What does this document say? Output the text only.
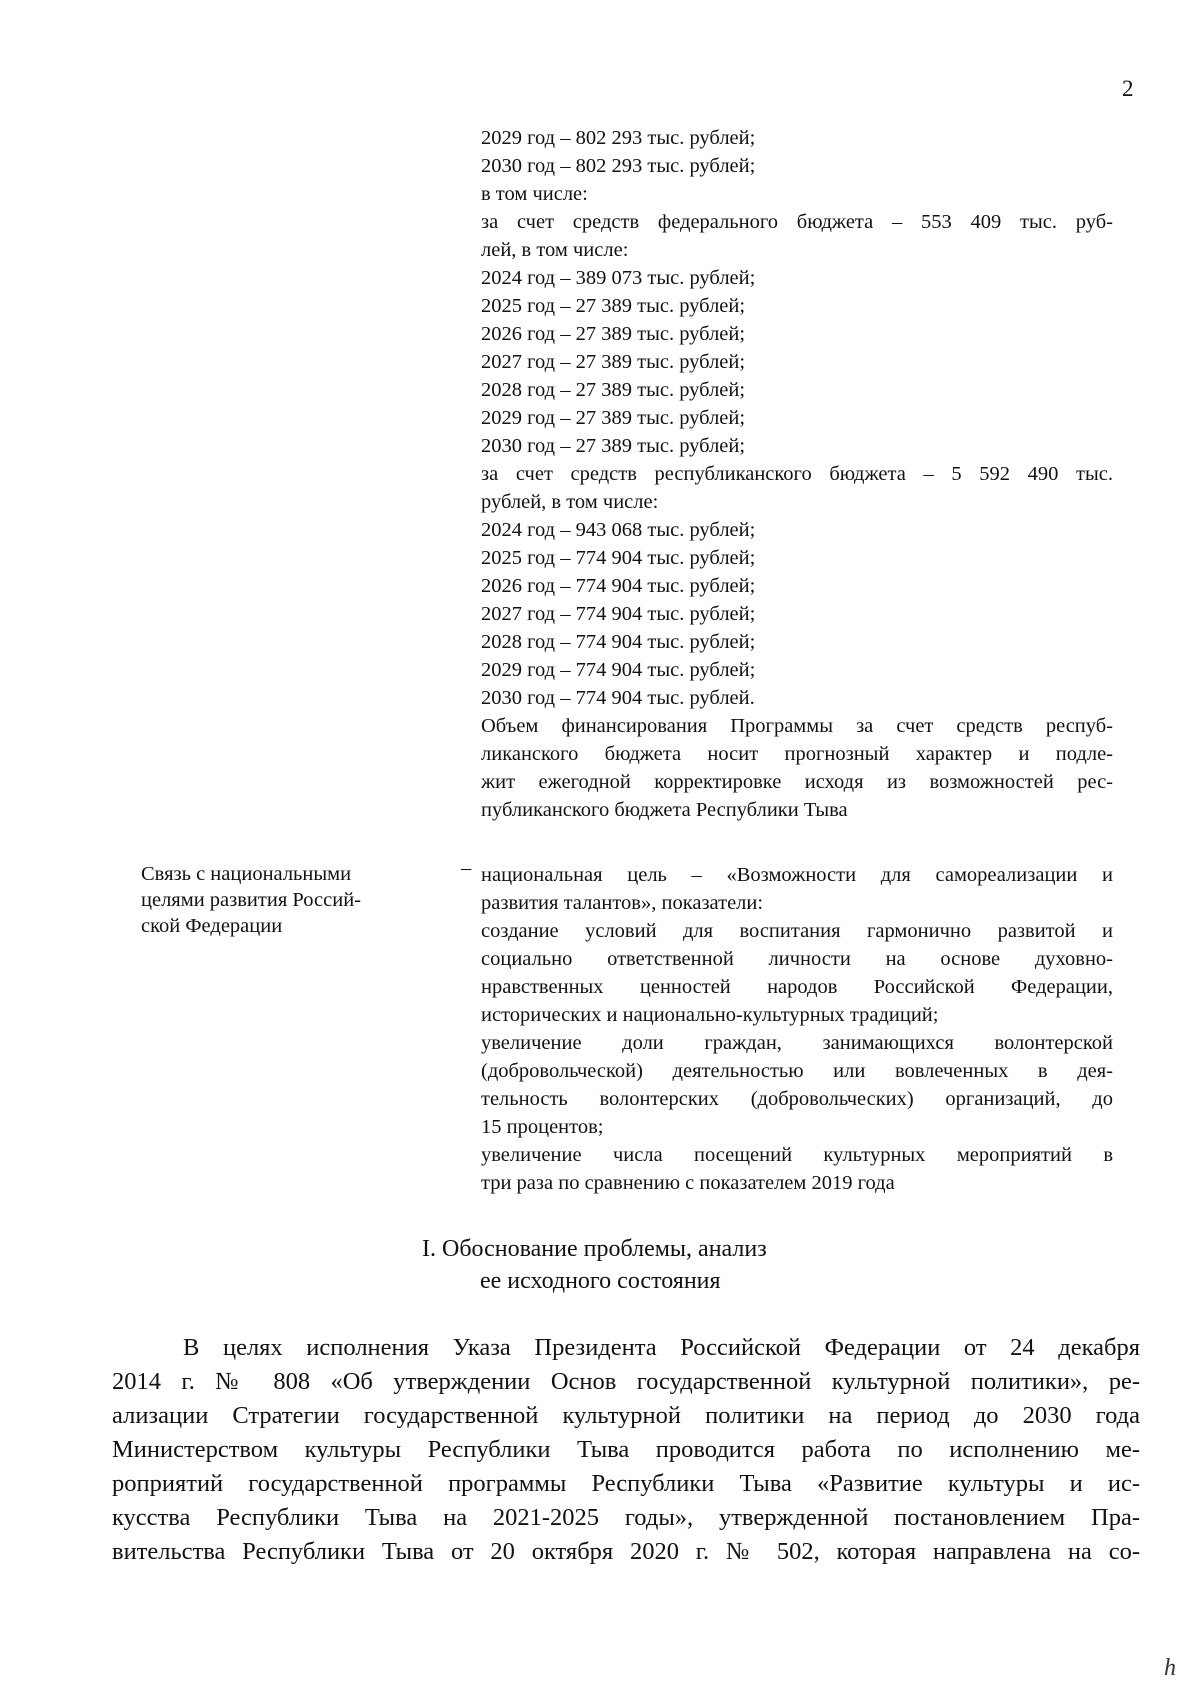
2
2029 год – 802 293 тыс. рублей;
2030 год – 802 293 тыс. рублей;
в том числе:
за счет средств федерального бюджета – 553 409 тыс. руб-
лей, в том числе:
2024 год – 389 073 тыс. рублей;
2025 год – 27 389 тыс. рублей;
2026 год – 27 389 тыс. рублей;
2027 год – 27 389 тыс. рублей;
2028 год – 27 389 тыс. рублей;
2029 год – 27 389 тыс. рублей;
2030 год – 27 389 тыс. рублей;
за счет средств республиканского бюджета – 5 592 490 тыс.
рублей, в том числе:
2024 год – 943 068 тыс. рублей;
2025 год – 774 904 тыс. рублей;
2026 год – 774 904 тыс. рублей;
2027 год – 774 904 тыс. рублей;
2028 год – 774 904 тыс. рублей;
2029 год – 774 904 тыс. рублей;
2030 год – 774 904 тыс. рублей.
Объем финансирования Программы за счет средств респуб-
ликанского бюджета носит прогнозный характер и подле-
жит ежегодной корректировке исходя из возможностей рес-
публиканского бюджета Республики Тыва
Связь с национальными
целями развития Россий-
ской Федерации
– национальная цель – «Возможности для самореализации и
развития талантов», показатели:
создание условий для воспитания гармонично развитой и
социально ответственной личности на основе духовно-
нравственных ценностей народов Российской Федерации,
исторических и национально-культурных традиций;
увеличение доли граждан, занимающихся волонтерской
(добровольческой) деятельностью или вовлеченных в дея-
тельность волонтерских (добровольческих) организаций, до
15 процентов;
увеличение числа посещений культурных мероприятий в
три раза по сравнению с показателем 2019 года
I. Обоснование проблемы, анализ
ее исходного состояния
В целях исполнения Указа Президента Российской Федерации от 24 декабря
2014 г. № 808 «Об утверждении Основ государственной культурной политики», ре-
ализации Стратегии государственной культурной политики на период до 2030 года
Министерством культуры Республики Тыва проводится работа по исполнению ме-
роприятий государственной программы Республики Тыва «Развитие культуры и ис-
кусства Республики Тыва на 2021-2025 годы», утвержденной постановлением Пра-
вительства Республики Тыва от 20 октября 2020 г. № 502, которая направлена на со-
h
